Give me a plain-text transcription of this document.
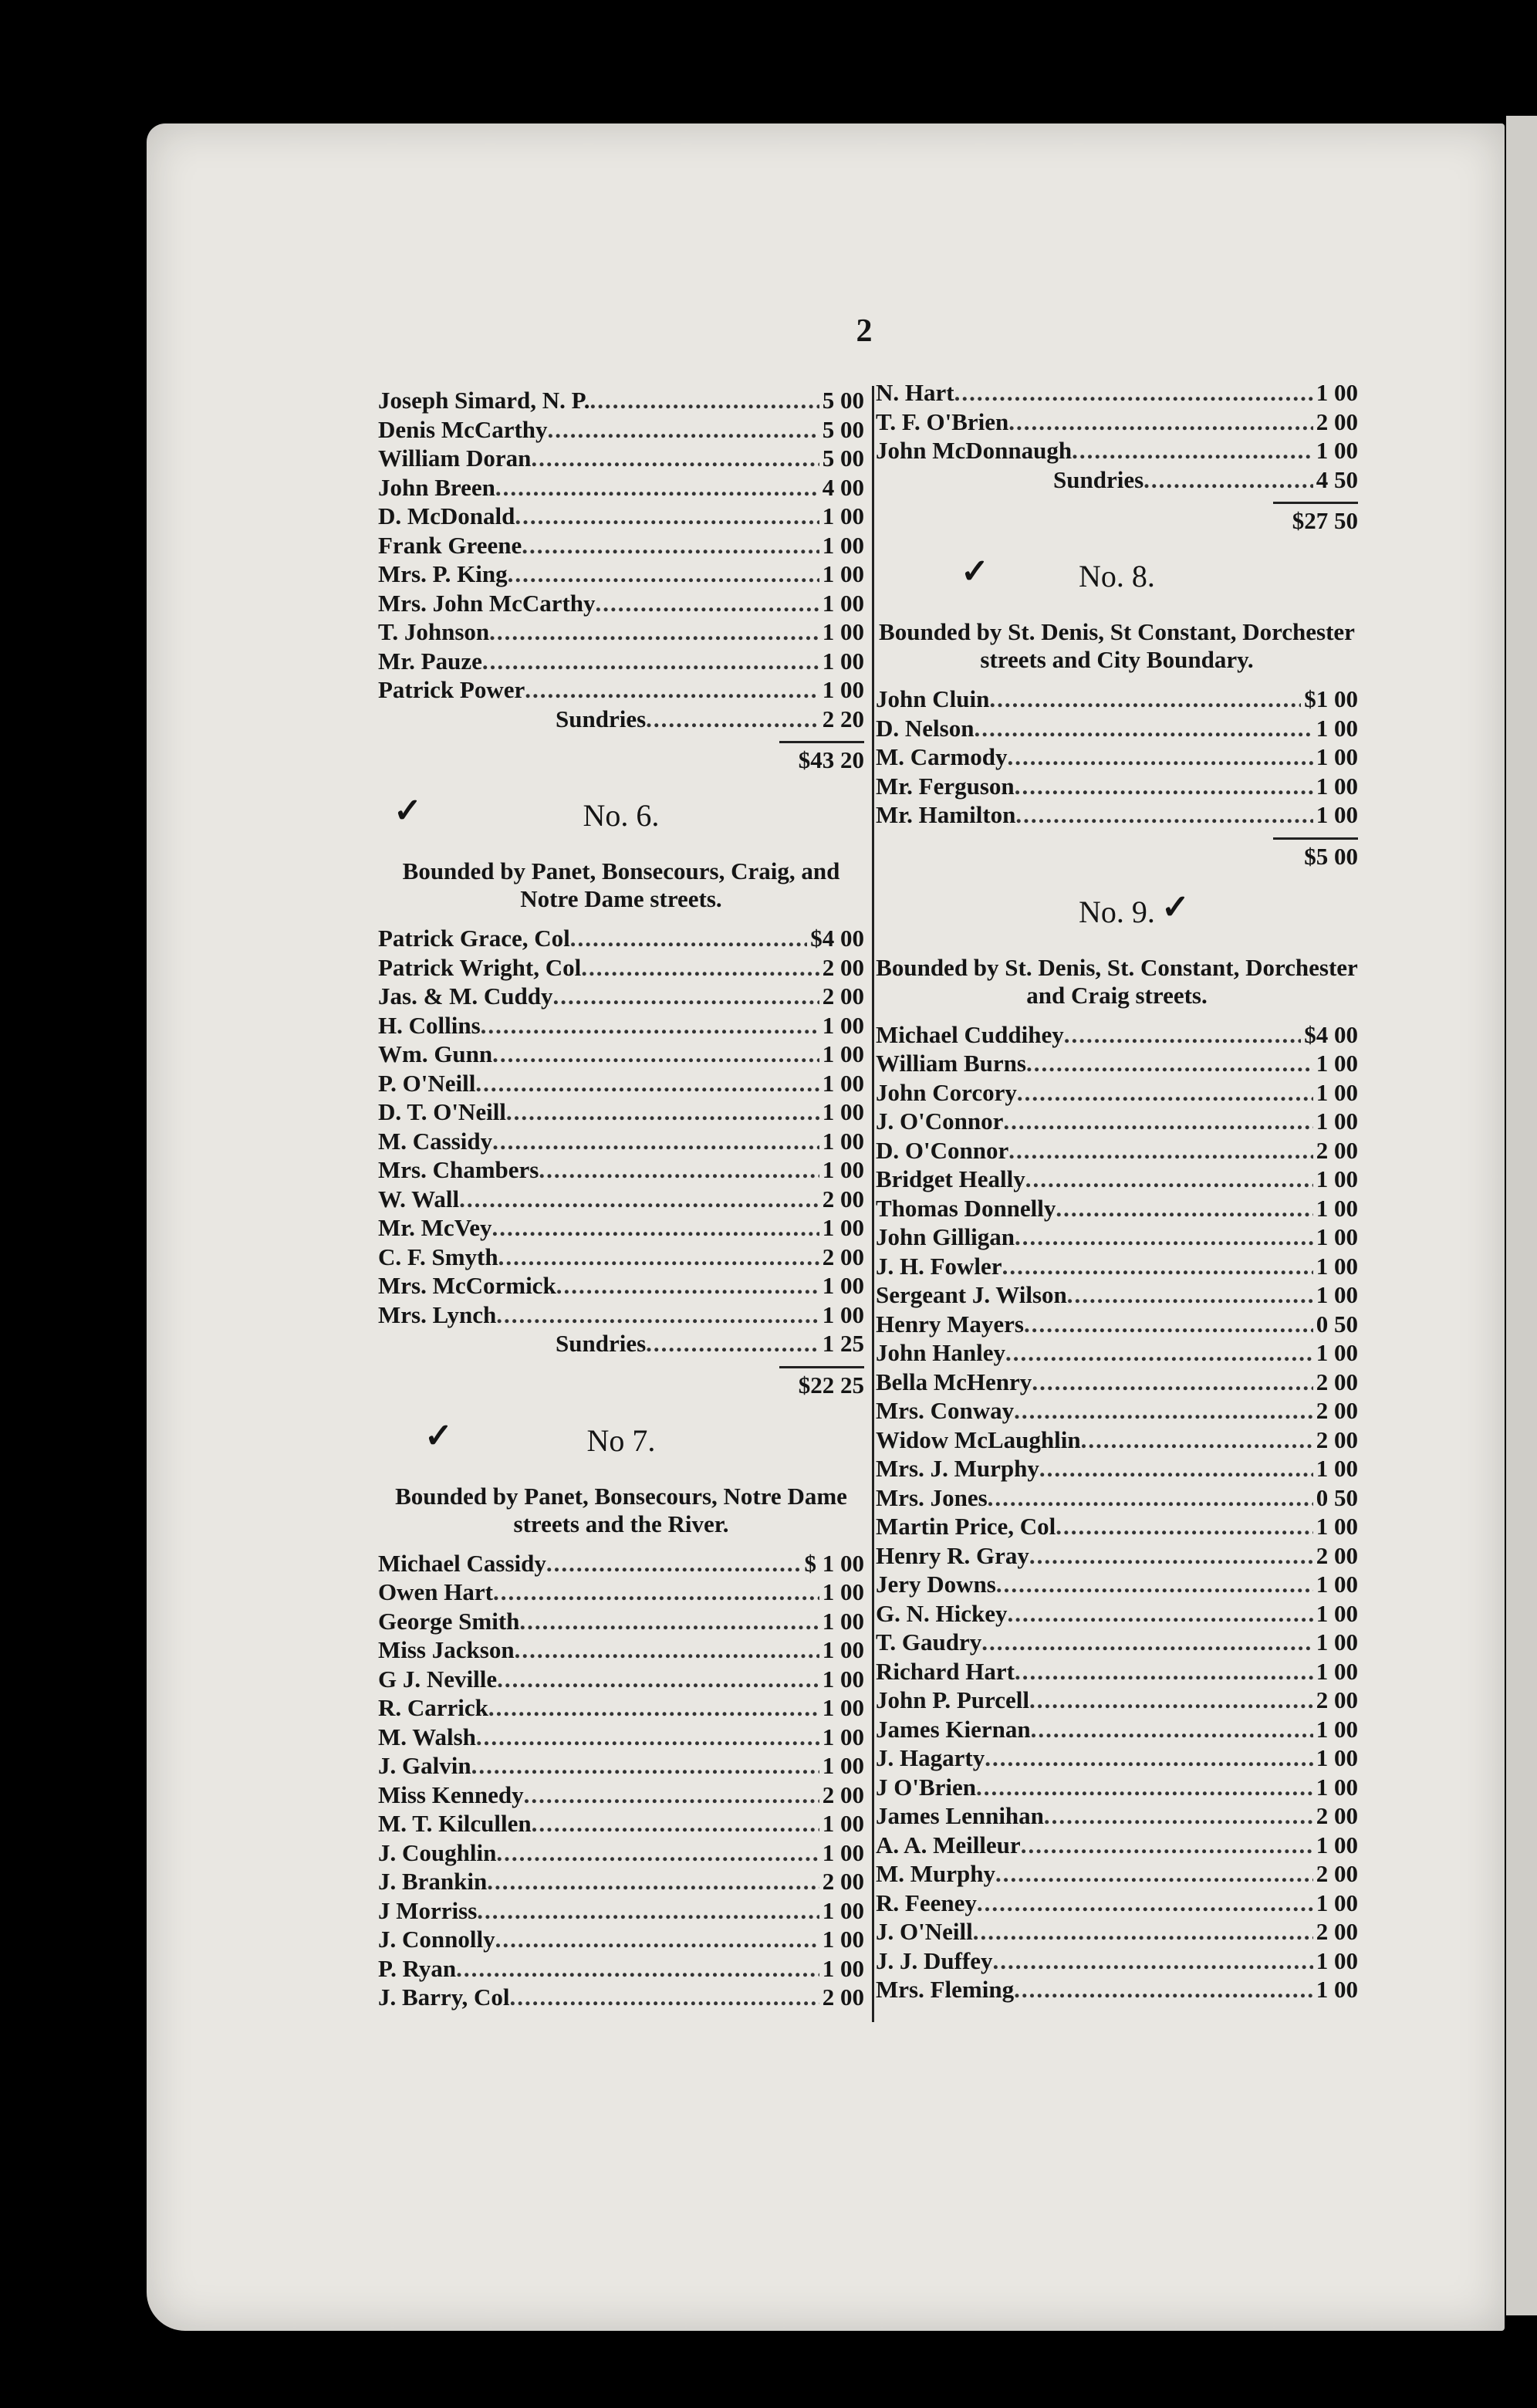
2
Joseph Simard, N. P. .....	5 00
Denis McCarthy .....	5 00
William Doran .....	5 00
John Breen .....	4 00
D. McDonald .....	1 00
Frank Greene .....	1 00
Mrs. P. King .....	1 00
Mrs. John McCarthy .....	1 00
T. Johnson .....	1 00
Mr. Pauze .....	1 00
Patrick Power .....	1 00
Sundries .....	2 20
$43 20
✓	No. 6.
Bounded by Panet, Bonsecours, Craig, and Notre Dame streets.
Patrick Grace, Col .....	$4 00
Patrick Wright, Col .....	2 00
Jas. & M. Cuddy .....	2 00
H. Collins .....	1 00
Wm. Gunn .....	1 00
P. O'Neill .....	1 00
D. T. O'Neill .....	1 00
M. Cassidy .....	1 00
Mrs. Chambers .....	1 00
W. Wall .....	2 00
Mr. McVey .....	1 00
C. F. Smyth .....	2 00
Mrs. McCormick .....	1 00
Mrs. Lynch .....	1 00
Sundries .....	1 25
$22 25
✓	No 7.
Bounded by Panet, Bonsecours, Notre Dame streets and the River.
Michael Cassidy .....	$ 1 00
Owen Hart .....	1 00
George Smith .....	1 00
Miss Jackson .....	1 00
G J. Neville .....	1 00
R. Carrick .....	1 00
M. Walsh .....	1 00
J. Galvin .....	1 00
Miss Kennedy .....	2 00
M. T. Kilcullen .....	1 00
J. Coughlin .....	1 00
J. Brankin .....	2 00
J Morriss .....	1 00
J. Connolly .....	1 00
P. Ryan .....	1 00
J. Barry, Col .....	2 00
N. Hart .....	1 00
T. F. O'Brien .....	2 00
John McDonnaugh .....	1 00
Sundries .....	4 50
$27 50
✓	No. 8.
Bounded by St. Denis, St Constant, Dorchester streets and City Boundary.
John Cluin .....	$1 00
D. Nelson .....	1 00
M. Carmody .....	1 00
Mr. Ferguson .....	1 00
Mr. Hamilton .....	1 00
$5 00
No. 9. ✓
Bounded by St. Denis, St. Constant, Dorchester and Craig streets.
Michael Cuddihey .....	$4 00
William Burns .....	1 00
John Corcory .....	1 00
J. O'Connor .....	1 00
D. O'Connor .....	2 00
Bridget Heally .....	1 00
Thomas Donnelly .....	1 00
John Gilligan .....	1 00
J. H. Fowler .....	1 00
Sergeant J. Wilson .....	1 00
Henry Mayers .....	0 50
John Hanley .....	1 00
Bella McHenry .....	2 00
Mrs. Conway .....	2 00
Widow McLaughlin .....	2 00
Mrs. J. Murphy .....	1 00
Mrs. Jones .....	0 50
Martin Price, Col .....	1 00
Henry R. Gray .....	2 00
Jery Downs .....	1 00
G. N. Hickey .....	1 00
T. Gaudry .....	1 00
Richard Hart .....	1 00
John P. Purcell .....	2 00
James Kiernan .....	1 00
J. Hagarty .....	1 00
J O'Brien .....	1 00
James Lennihan .....	2 00
A. A. Meilleur .....	1 00
M. Murphy .....	2 00
R. Feeney .....	1 00
J. O'Neill .....	2 00
J. J. Duffey .....	1 00
Mrs. Fleming .....	1 00
